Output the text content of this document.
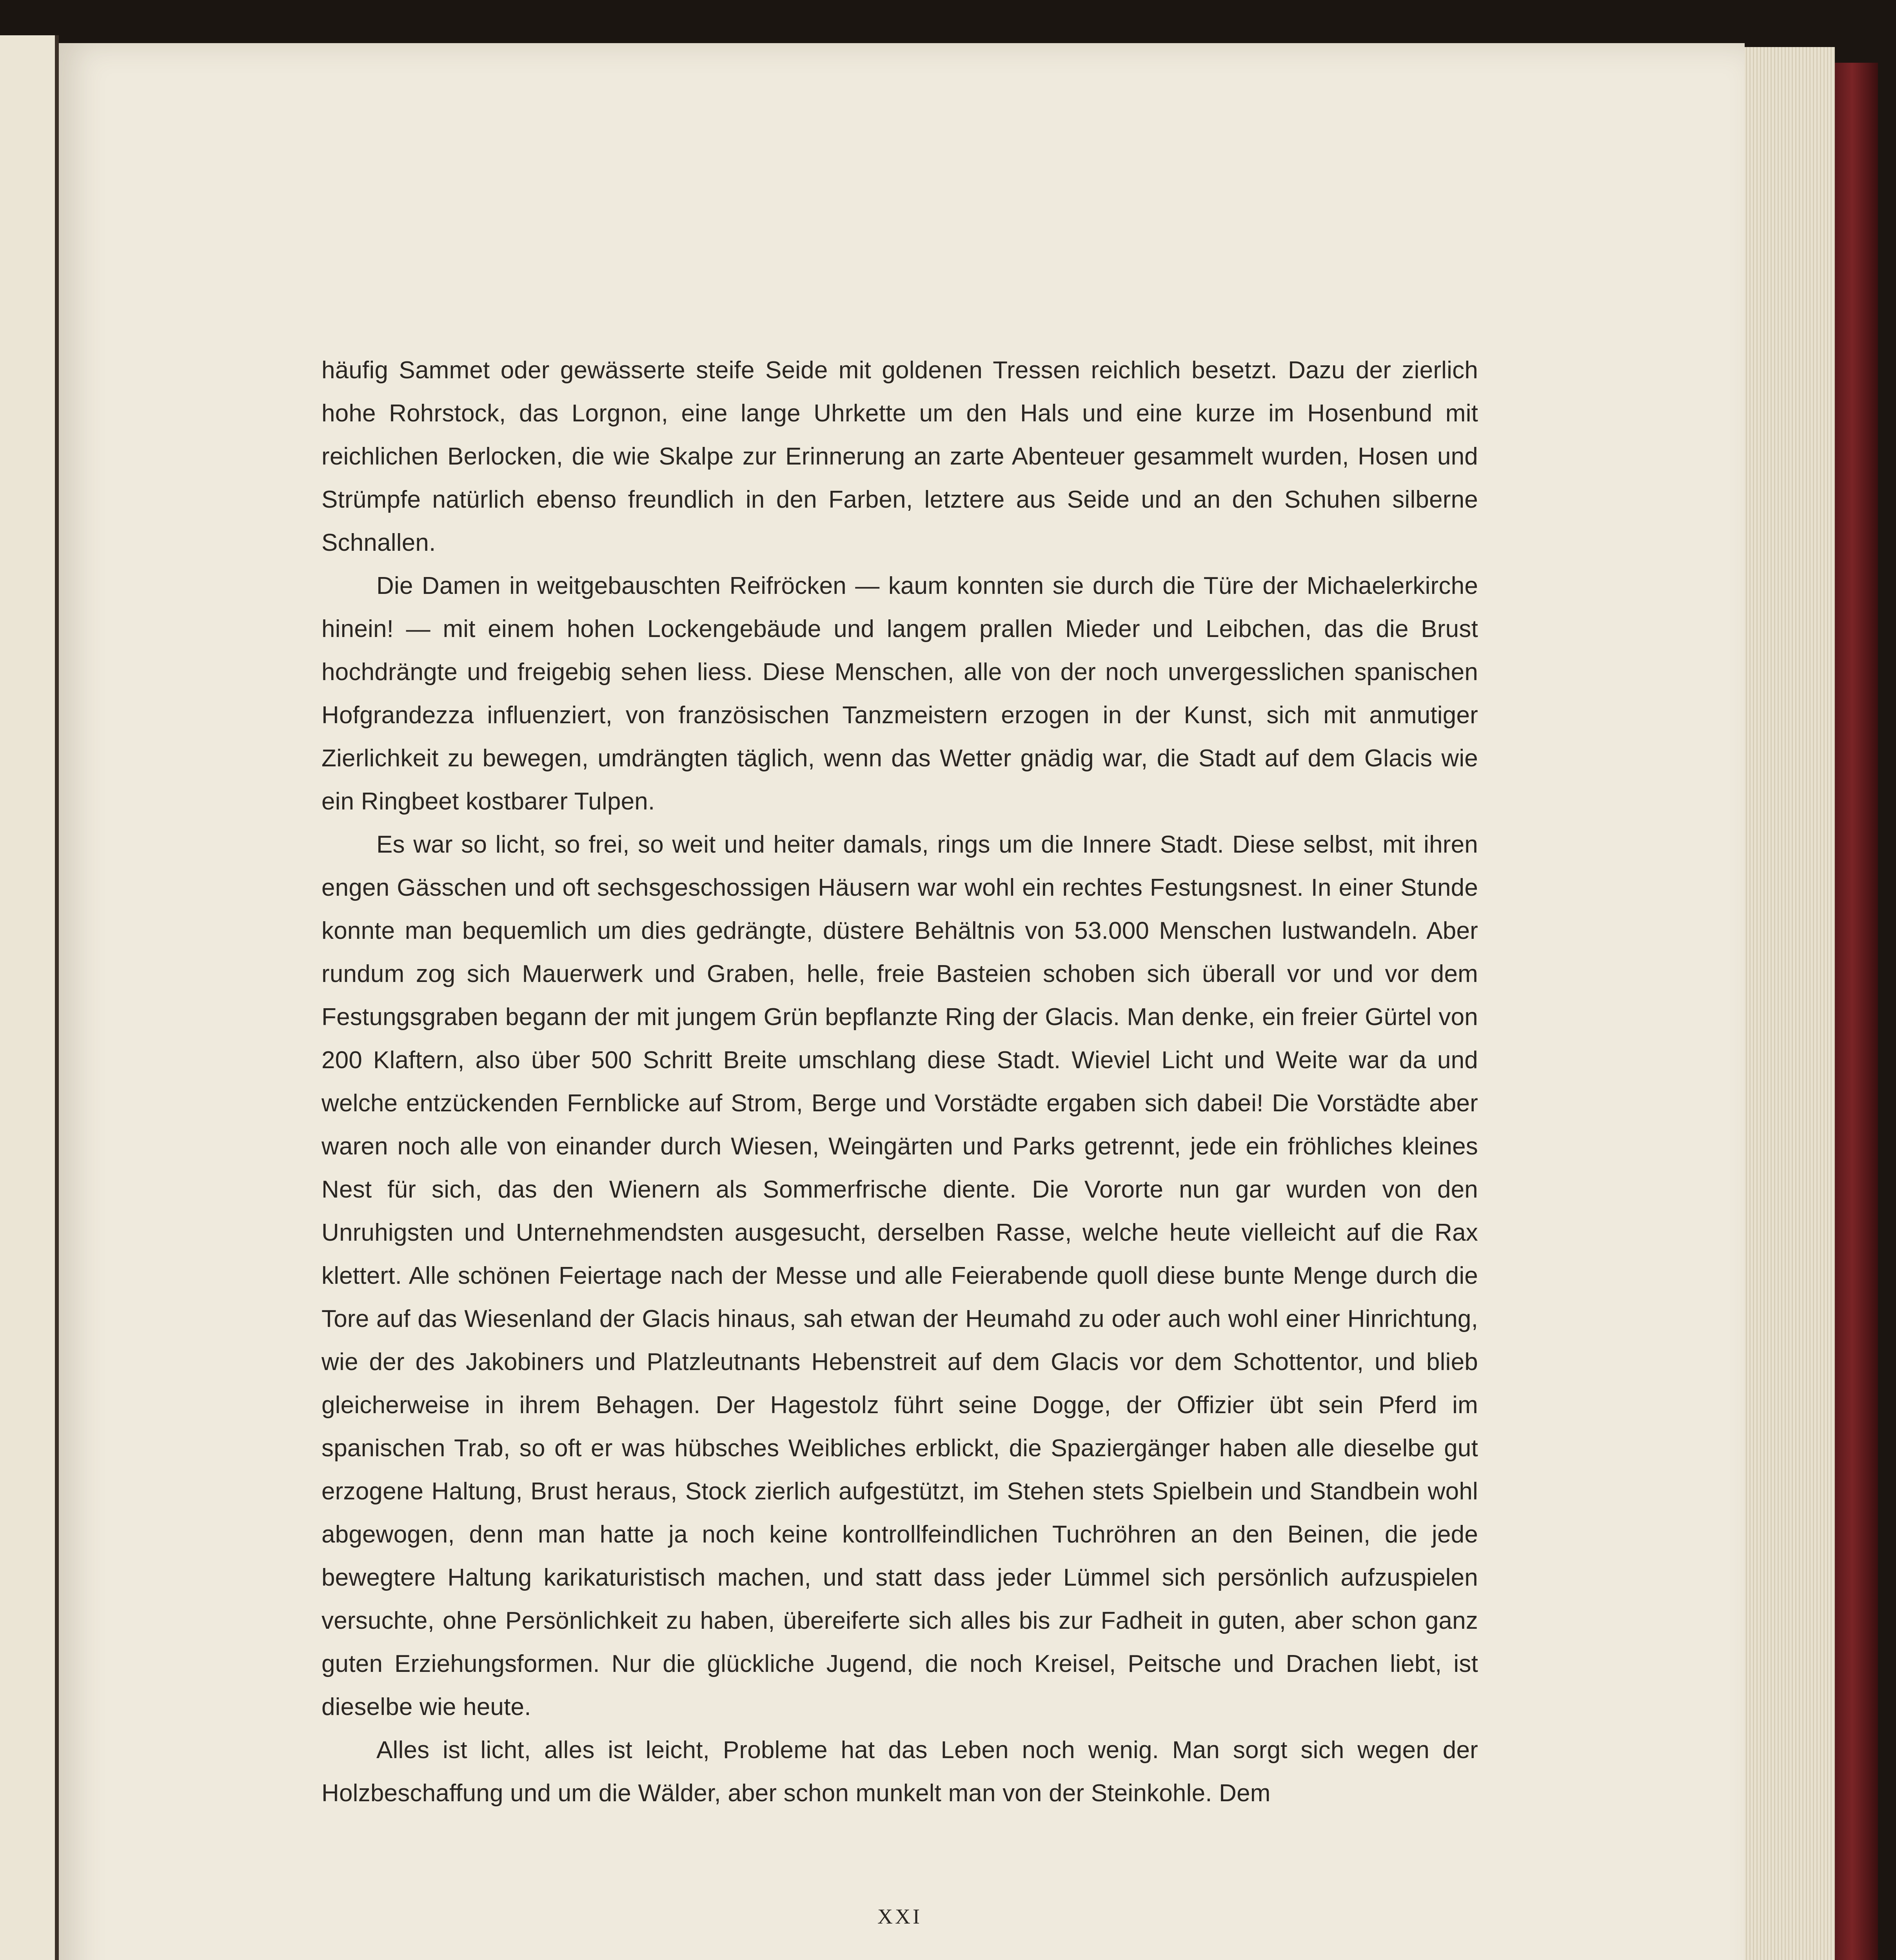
häufig Sammet oder gewässerte steife Seide mit goldenen Tressen reichlich besetzt. Dazu der zierlich hohe Rohrstock, das Lorgnon, eine lange Uhrkette um den Hals und eine kurze im Hosenbund mit reichlichen Berlocken, die wie Skalpe zur Erinnerung an zarte Abenteuer gesammelt wurden, Hosen und Strümpfe natürlich ebenso freundlich in den Farben, letztere aus Seide und an den Schuhen silberne Schnallen.

Die Damen in weitgebauschten Reifröcken — kaum konnten sie durch die Türe der Michaelerkirche hinein! — mit einem hohen Lockengebäude und langem prallen Mieder und Leibchen, das die Brust hochdrängte und freigebig sehen liess. Diese Menschen, alle von der noch unvergesslichen spanischen Hofgrandezza influenziert, von französischen Tanzmeistern erzogen in der Kunst, sich mit anmutiger Zierlichkeit zu bewegen, umdrängten täglich, wenn das Wetter gnädig war, die Stadt auf dem Glacis wie ein Ringbeet kostbarer Tulpen.

Es war so licht, so frei, so weit und heiter damals, rings um die Innere Stadt. Diese selbst, mit ihren engen Gässchen und oft sechsgeschossigen Häusern war wohl ein rechtes Festungsnest. In einer Stunde konnte man bequemlich um dies gedrängte, düstere Behältnis von 53.000 Menschen lustwandeln. Aber rundum zog sich Mauerwerk und Graben, helle, freie Basteien schoben sich überall vor und vor dem Festungsgraben begann der mit jungem Grün bepflanzte Ring der Glacis. Man denke, ein freier Gürtel von 200 Klaftern, also über 500 Schritt Breite umschlang diese Stadt. Wieviel Licht und Weite war da und welche entzückenden Fernblicke auf Strom, Berge und Vorstädte ergaben sich dabei! Die Vorstädte aber waren noch alle von einander durch Wiesen, Weingärten und Parks getrennt, jede ein fröhliches kleines Nest für sich, das den Wienern als Sommerfrische diente. Die Vororte nun gar wurden von den Unruhigsten und Unternehmendsten ausgesucht, derselben Rasse, welche heute vielleicht auf die Rax klettert. Alle schönen Feiertage nach der Messe und alle Feierabende quoll diese bunte Menge durch die Tore auf das Wiesenland der Glacis hinaus, sah etwan der Heumahd zu oder auch wohl einer Hinrichtung, wie der des Jakobiners und Platzleutnants Hebenstreit auf dem Glacis vor dem Schottentor, und blieb gleicherweise in ihrem Behagen. Der Hagestolz führt seine Dogge, der Offizier übt sein Pferd im spanischen Trab, so oft er was hübsches Weibliches erblickt, die Spaziergänger haben alle dieselbe gut erzogene Haltung, Brust heraus, Stock zierlich aufgestützt, im Stehen stets Spielbein und Standbein wohl abgewogen, denn man hatte ja noch keine kontrollfeindlichen Tuchröhren an den Beinen, die jede bewegtere Haltung karikaturistisch machen, und statt dass jeder Lümmel sich persönlich aufzuspielen versuchte, ohne Persönlichkeit zu haben, übereiferte sich alles bis zur Fadheit in guten, aber schon ganz guten Erziehungsformen. Nur die glückliche Jugend, die noch Kreisel, Peitsche und Drachen liebt, ist dieselbe wie heute.

Alles ist licht, alles ist leicht, Probleme hat das Leben noch wenig. Man sorgt sich wegen der Holzbeschaffung und um die Wälder, aber schon munkelt man von der Steinkohle. Dem

XXI
